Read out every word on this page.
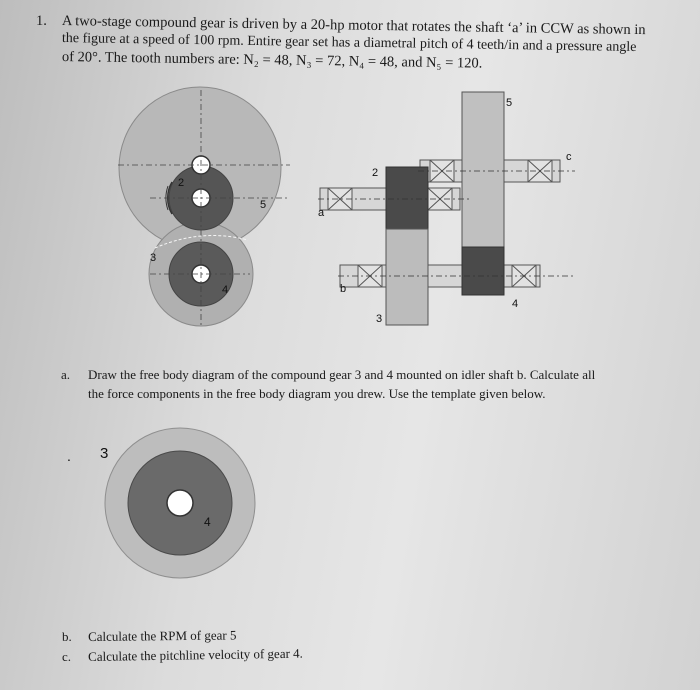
1. A two-stage compound gear is driven by a 20-hp motor that rotates the shaft ‘a’ in CCW as shown in
the figure at a speed of 100 rpm. Entire gear set has a diametral pitch of 4 teeth/in and a pressure angle
of 20°. The tooth numbers are: N₂ = 48, N₃ = 72, N₄ = 48, and N₅ = 120.
2
5
3
4
5
2
3
4
a
b
c
3
4
.
a. Draw the free body diagram of the compound gear 3 and 4 mounted on idler shaft b. Calculate all
the force components in the free body diagram you drew. Use the template given below.
b. Calculate the RPM of gear 5
c. Calculate the pitchline velocity of gear 4.
